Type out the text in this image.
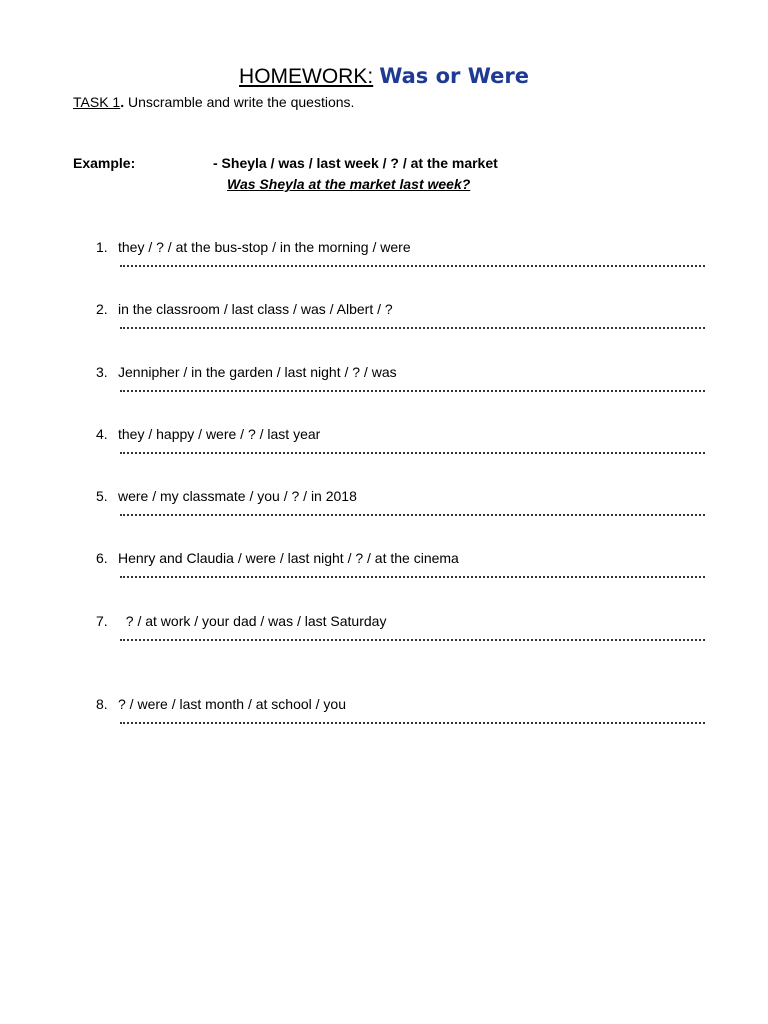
HOMEWORK: Was or Were
TASK 1. Unscramble and write the questions.
Example:	- Sheyla / was / last week / ? / at the market
Was Sheyla at the market last week?
1. they / ? / at the bus-stop / in the morning / were
2. in the classroom / last class / was / Albert / ?
3. Jennipher / in the garden / last night / ? / was
4. they / happy / were / ? / last year
5. were / my classmate / you / ? / in 2018
6. Henry and Claudia / were / last night / ? / at the cinema
7. ? / at work / your dad / was / last Saturday
8. ? / were / last month / at school / you
